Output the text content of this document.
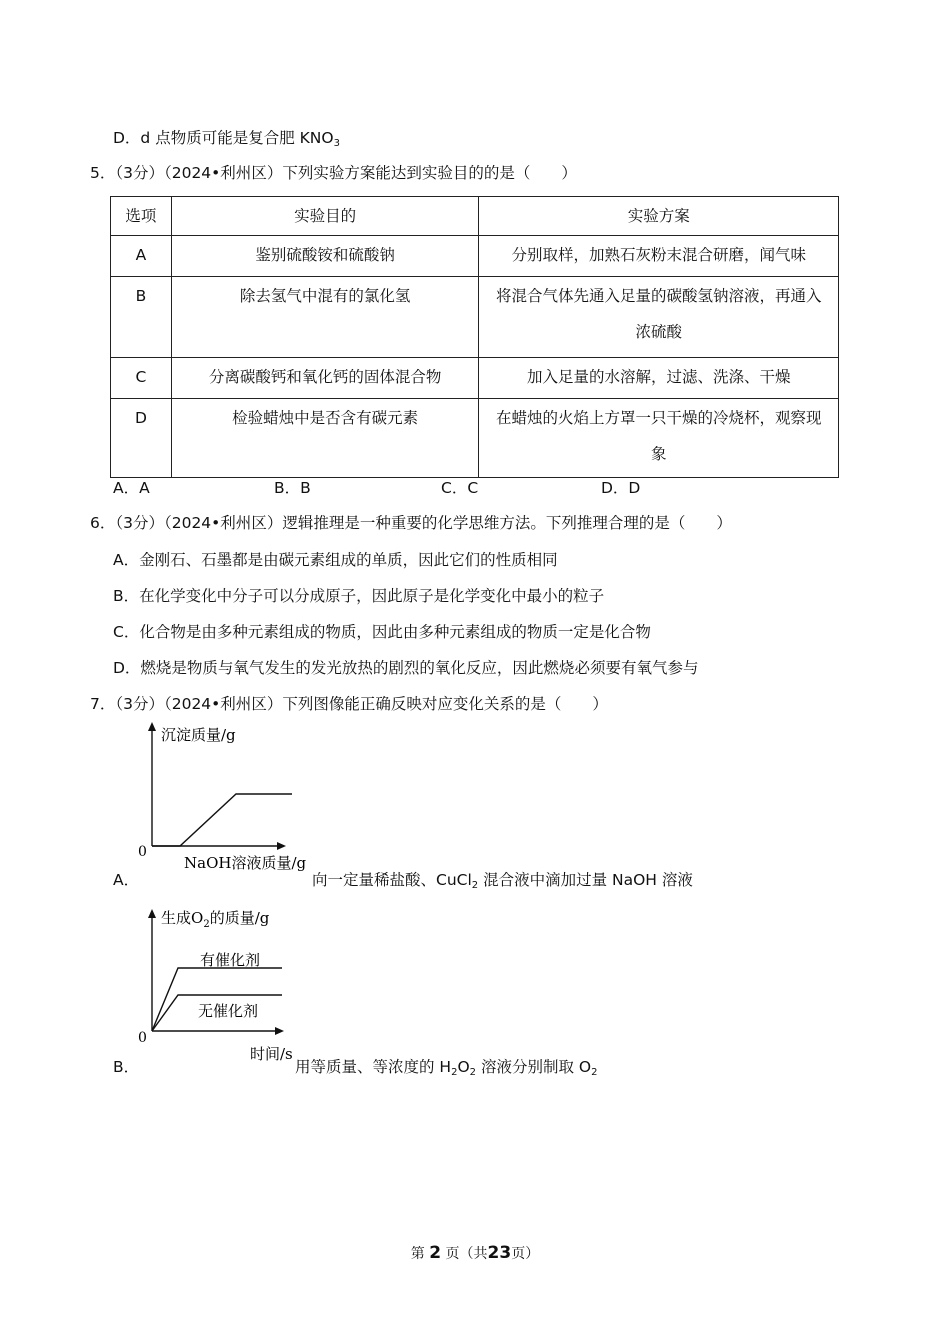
D．d 点物质可能是复合肥 $KNO_3$
5．（3分）（2024•利州区）下列实验方案能达到实验目的的是（　　）
选项	实验目的	实验方案
A	鉴别硫酸铵和硫酸钠	分别取样，加熟石灰粉末混合研磨，闻气味
B	除去氢气中混有的氯化氢	将混合气体先通入足量的碳酸氢钠溶液，再通入
浓硫酸

C	分离碳酸钙和氧化钙的固体混合物	加入足量的水溶解，过滤、洗涤、干燥
D	检验蜡烛中是否含有碳元素	在蜡烛的火焰上方罩一只干燥的冷烧杯，观察现
象
A．A	B．B	C．C	D．D
6．（3分）（2024•利州区）逻辑推理是一种重要的化学思维方法。下列推理合理的是（　　）
A．金刚石、石墨都是由碳元素组成的单质，因此它们的性质相同
B．在化学变化中分子可以分成原子，因此原子是化学变化中最小的粒子
C．化合物是由多种元素组成的物质，因此由多种元素组成的物质一定是化合物
D．燃烧是物质与氧气发生的发光放热的剧烈的氧化反应，因此燃烧必须要有氧气参与
7．（3分）（2024•利州区）下列图像能正确反映对应变化关系的是（　　）
沉淀质量/g
NaOH溶液质量/g
0
A．	向一定量稀盐酸、CuCl$_2$ 混合液中滴加过量 NaOH 溶液
生成$O_2$的质量/g
有催化剂
无催化剂
0
时间/s
B．	用等质量、等浓度的 $H_2O_2$ 溶液分别制取 $O_2$
第 2 页（共23页）
